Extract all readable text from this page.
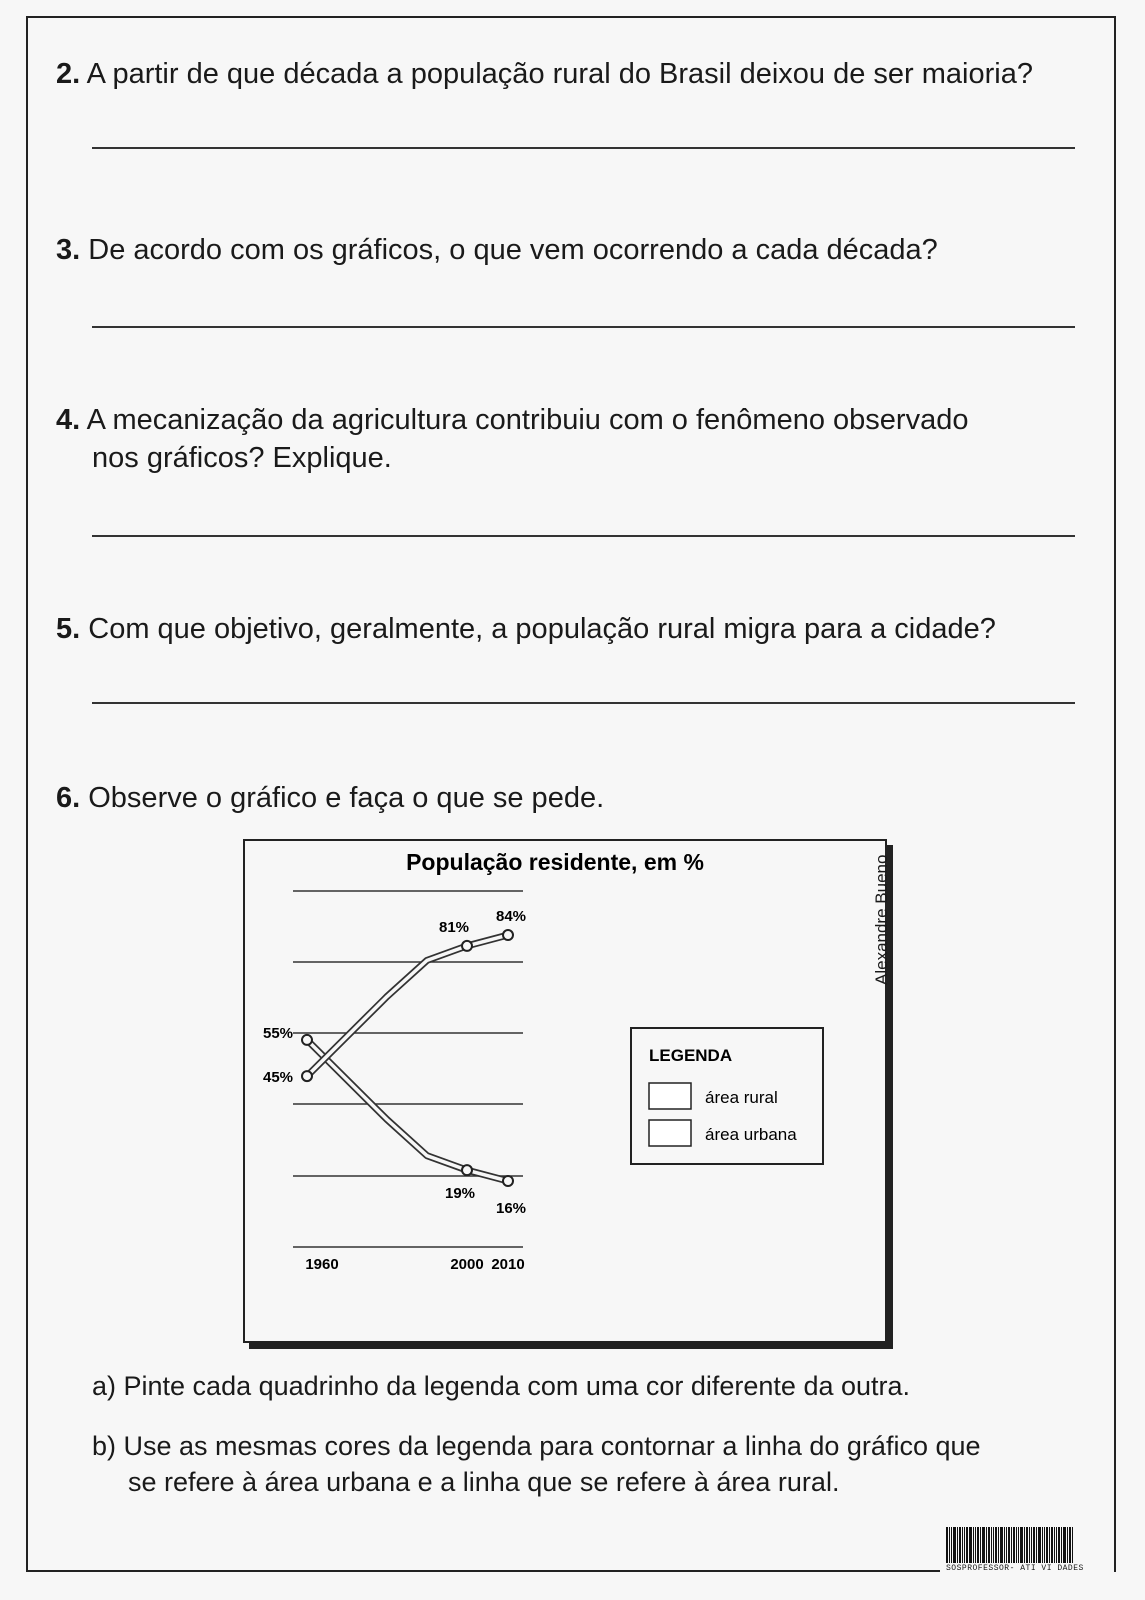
2. A partir de que década a população rural do Brasil deixou de ser maioria?
3. De acordo com os gráficos, o que vem ocorrendo a cada década?
4. A mecanização da agricultura contribuiu com o fenômeno observado
nos gráficos? Explique.
5. Com que objetivo, geralmente, a população rural migra para a cidade?
6. Observe o gráfico e faça o que se pede.
População residente, em %
55%
19%
16%
45%
81%
84%
1960	2000 2010
LEGENDA
área rural
área urbana
Alexandre Bueno
a) Pinte cada quadrinho da legenda com uma cor diferente da outra.
b) Use as mesmas cores da legenda para contornar a linha do gráfico que
se refere à área urbana e a linha que se refere à área rural.
SOSPROFESSOR- ATI VI DADES
